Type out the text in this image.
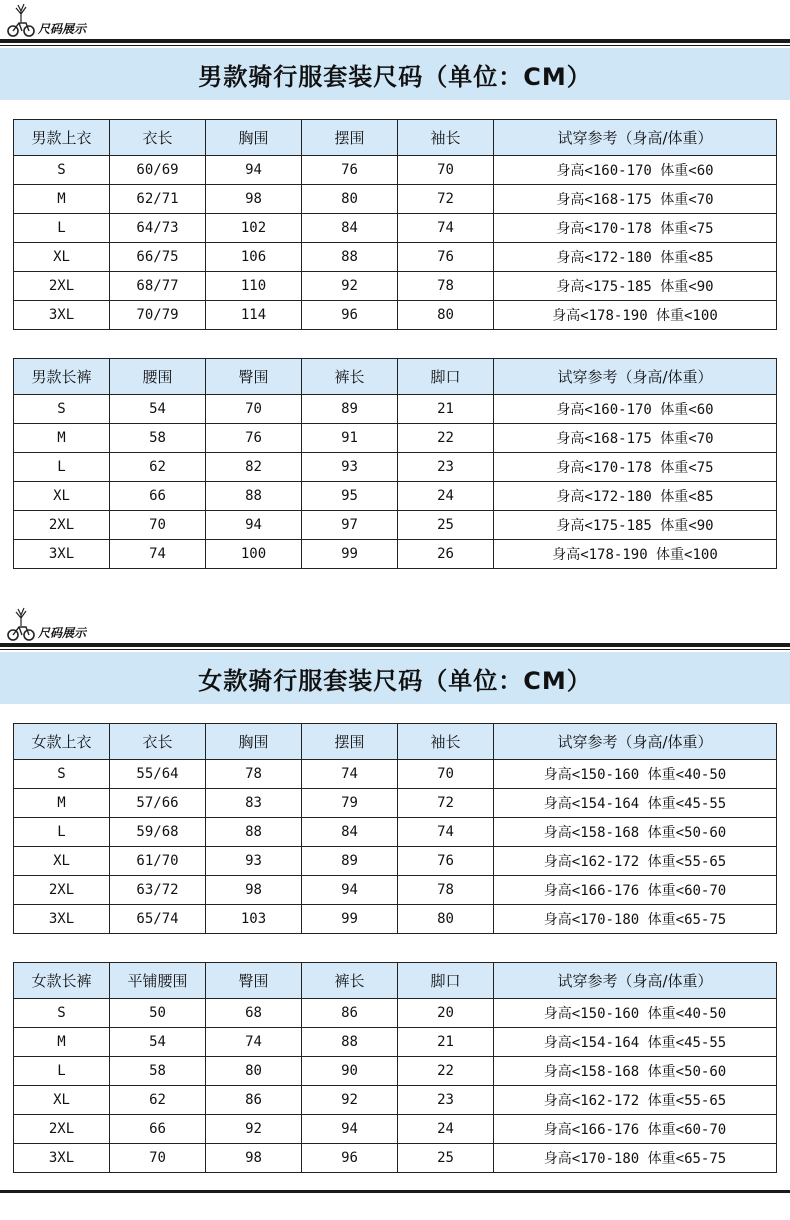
尺码展示
男款骑行服套装尺码（单位：CM）
男款上衣	衣长	胸围	摆围	袖长	试穿参考（身高/体重）
S	60/69	94	76	70	身高<160-170 体重<60
M	62/71	98	80	72	身高<168-175 体重<70
L	64/73	102	84	74	身高<170-178 体重<75
XL	66/75	106	88	76	身高<172-180 体重<85
2XL	68/77	110	92	78	身高<175-185 体重<90
3XL	70/79	114	96	80	身高<178-190 体重<100
男款长裤	腰围	臀围	裤长	脚口	试穿参考（身高/体重）
S	54	70	89	21	身高<160-170 体重<60
M	58	76	91	22	身高<168-175 体重<70
L	62	82	93	23	身高<170-178 体重<75
XL	66	88	95	24	身高<172-180 体重<85
2XL	70	94	97	25	身高<175-185 体重<90
3XL	74	100	99	26	身高<178-190 体重<100
尺码展示
女款骑行服套装尺码（单位：CM）
女款上衣	衣长	胸围	摆围	袖长	试穿参考（身高/体重）
S	55/64	78	74	70	身高<150-160 体重<40-50
M	57/66	83	79	72	身高<154-164 体重<45-55
L	59/68	88	84	74	身高<158-168 体重<50-60
XL	61/70	93	89	76	身高<162-172 体重<55-65
2XL	63/72	98	94	78	身高<166-176 体重<60-70
3XL	65/74	103	99	80	身高<170-180 体重<65-75
女款长裤	平铺腰围	臀围	裤长	脚口	试穿参考（身高/体重）
S	50	68	86	20	身高<150-160 体重<40-50
M	54	74	88	21	身高<154-164 体重<45-55
L	58	80	90	22	身高<158-168 体重<50-60
XL	62	86	92	23	身高<162-172 体重<55-65
2XL	66	92	94	24	身高<166-176 体重<60-70
3XL	70	98	96	25	身高<170-180 体重<65-75
